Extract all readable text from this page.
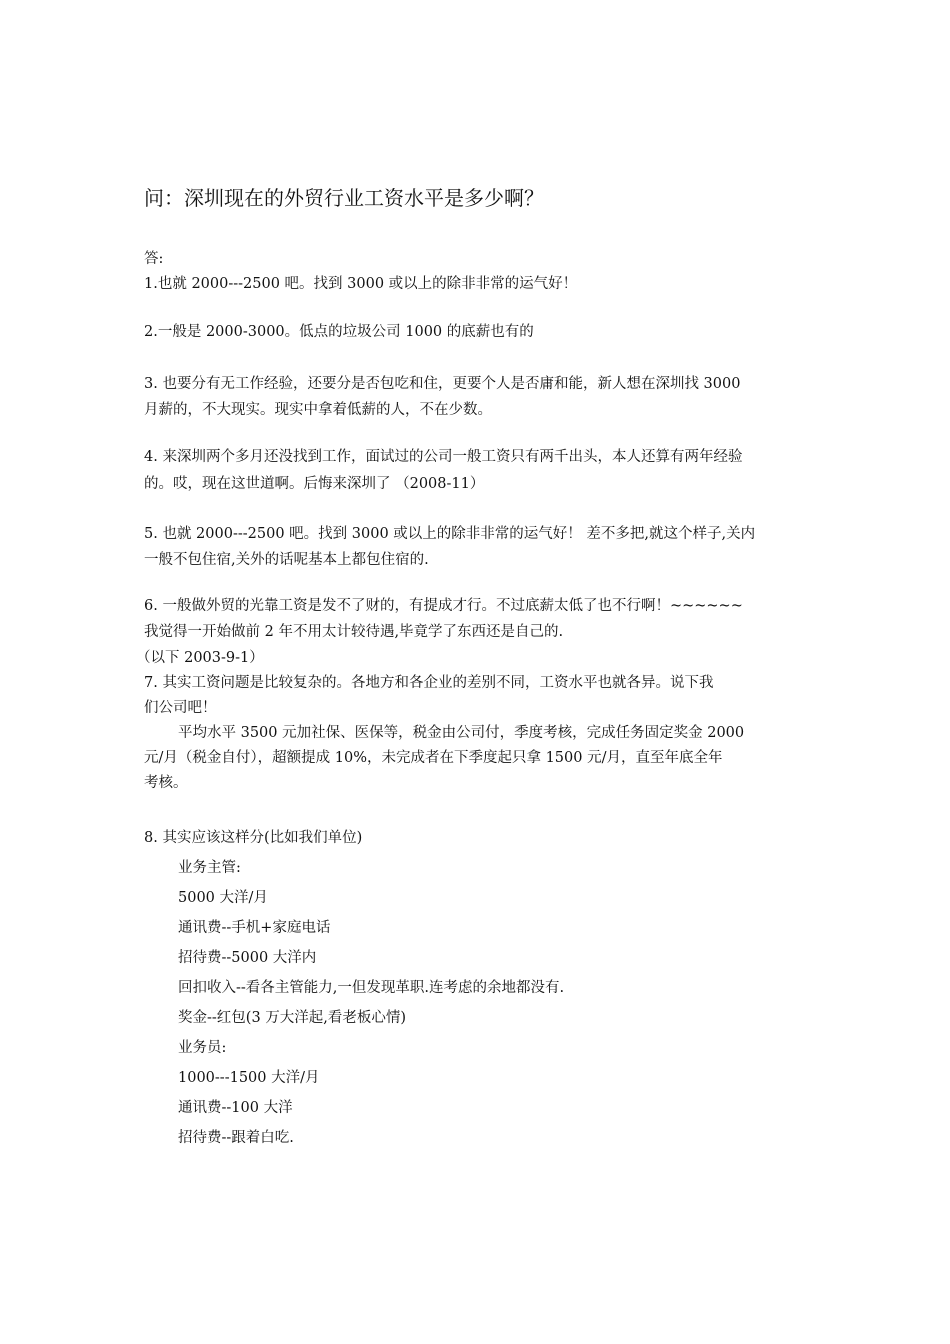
问：深圳现在的外贸行业工资水平是多少啊？

答:

1.也就 2000---2500 吧。找到 3000 或以上的除非非常的运气好！

2.一般是 2000-3000。低点的垃圾公司 1000 的底薪也有的

3. 也要分有无工作经验，还要分是否包吃和住，更要个人是否庸和能，新人想在深圳找 3000

月薪的，不大现实。现实中拿着低薪的人，不在少数。

4. 来深圳两个多月还没找到工作，面试过的公司一般工资只有两千出头，本人还算有两年经验

的。哎，现在这世道啊。后悔来深圳了 （2008-11）

5. 也就 2000---2500 吧。找到 3000 或以上的除非非常的运气好！ 差不多把,就这个样子,关内

一般不包住宿,关外的话呢基本上都包住宿的.

6. 一般做外贸的光靠工资是发不了财的，有提成才行。不过底薪太低了也不行啊！~~~~~~

我觉得一开始做前 2 年不用太计较待遇,毕竟学了东西还是自己的.

（以下 2003-9-1）

7. 其实工资问题是比较复杂的。各地方和各企业的差别不同，工资水平也就各异。说下我

们公司吧！

平均水平 3500 元加社保、医保等，税金由公司付，季度考核，完成任务固定奖金 2000

元/月（税金自付），超额提成 10%，未完成者在下季度起只拿 1500 元/月，直至年底全年

考核。

8. 其实应该这样分(比如我们单位)

业务主管:

5000 大洋/月

通讯费--手机+家庭电话

招待费--5000 大洋内

回扣收入--看各主管能力,一但发现革职.连考虑的余地都没有.

奖金--红包(3 万大洋起,看老板心情)

业务员:

1000---1500 大洋/月

通讯费--100 大洋

招待费--跟着白吃.
